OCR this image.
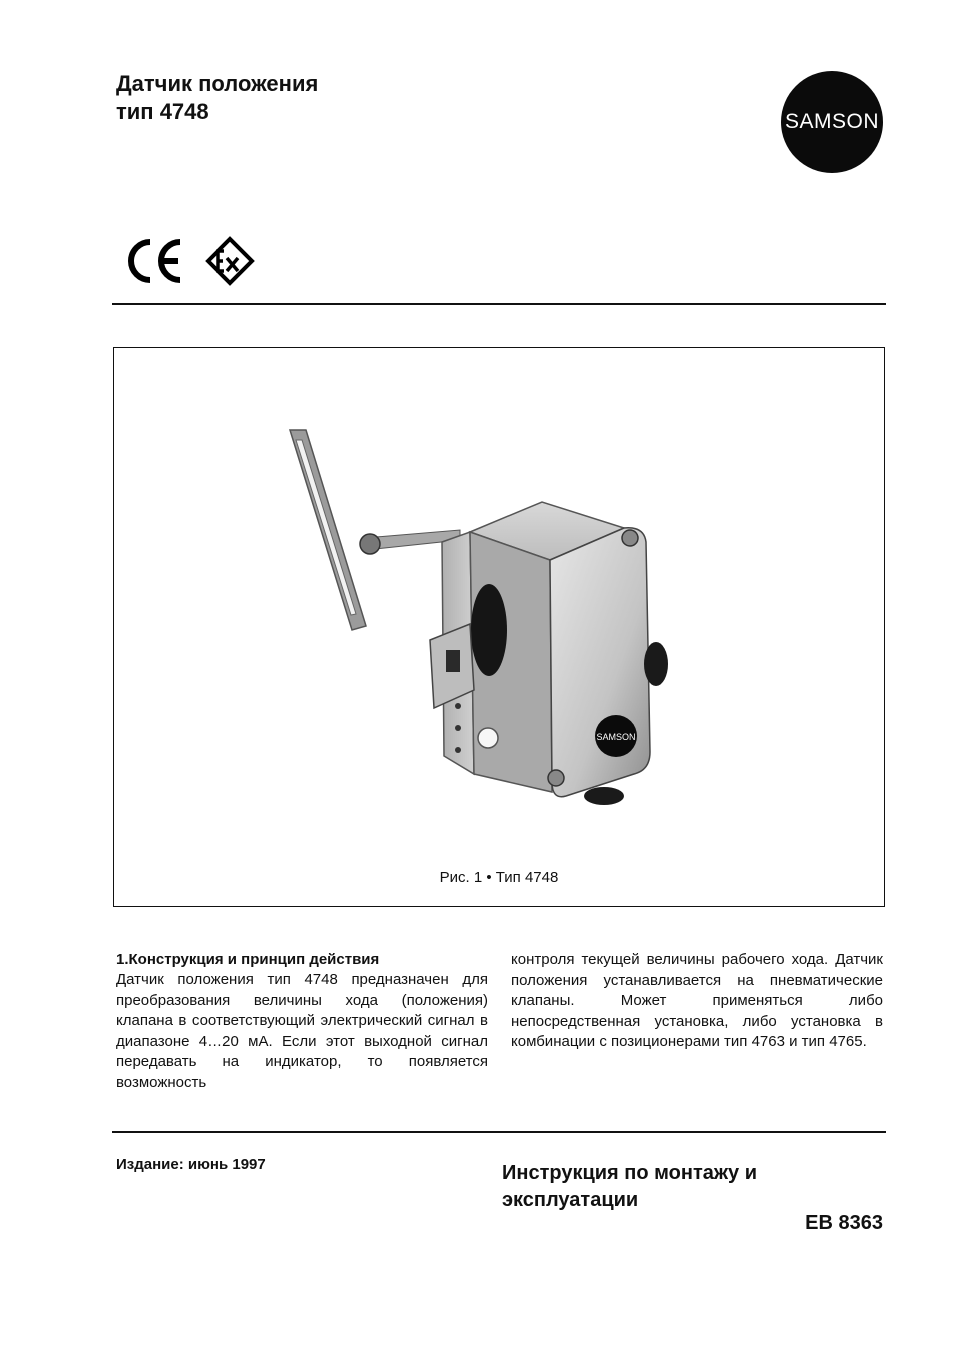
Датчик положения
тип 4748	SAMSON
SAMSON
Рис. 1 • Тип 4748
1.Конструкция и принцип действия

Датчик положения тип 4748 предназначен для преобразования величины хода (положения) клапана в соответствующий электрический сигнал в диапазоне 4…20 мА. Если этот выходной сигнал передавать на индикатор, то появляется возможность

контроля текущей величины рабочего хода. Датчик положения устанавливается на пневматические клапаны. Может применяться либо непосредственная установка, либо установка в комбинации с позиционерами тип 4763 и тип 4765.

Издание: июнь 1997	Инструкция по монтажу и
эксплуатации
EB 8363
